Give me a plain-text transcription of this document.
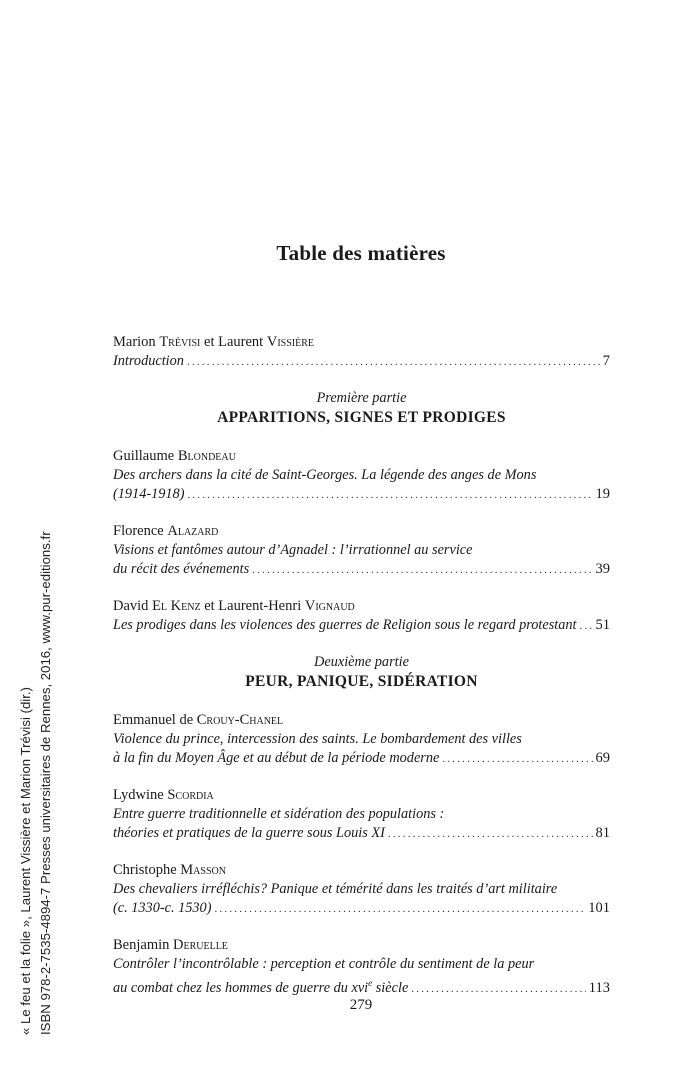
Table des matières
Marion Trévisi et Laurent Vissière
Introduction .....	7
Première partie
APPARITIONS, SIGNES ET PRODIGES
Guillaume Blondeau
Des archers dans la cité de Saint-Georges. La légende des anges de Mons
(1914-1918) .....	19
Florence Alazard
Visions et fantômes autour d’Agnadel : l’irrationnel au service
du récit des événements .....	39
David El Kenz et Laurent-Henri Vignaud
Les prodiges dans les violences des guerres de Religion sous le regard protestant ..... 51
Deuxième partie
PEUR, PANIQUE, SIDÉRATION
Emmanuel de Crouy-Chanel
Violence du prince, intercession des saints. Le bombardement des villes
à la fin du Moyen Âge et au début de la période moderne .....	69
Lydwine Scordia
Entre guerre traditionnelle et sidération des populations :
théories et pratiques de la guerre sous Louis XI .....	81
Christophe Masson
Des chevaliers irréfléchis? Panique et témérité dans les traités d’art militaire
(c. 1330-c. 1530) .....	101
Benjamin Deruelle
Contrôler l’incontrôlable : perception et contrôle du sentiment de la peur
au combat chez les hommes de guerre du xvi$^e$ siècle .....	113
279
« Le feu et la folie », Laurent Vissière et Marion Trévisi (dir.) ISBN 978-2-7535-4894-7 Presses universitaires de Rennes, 2016, www.pur-editions.fr
